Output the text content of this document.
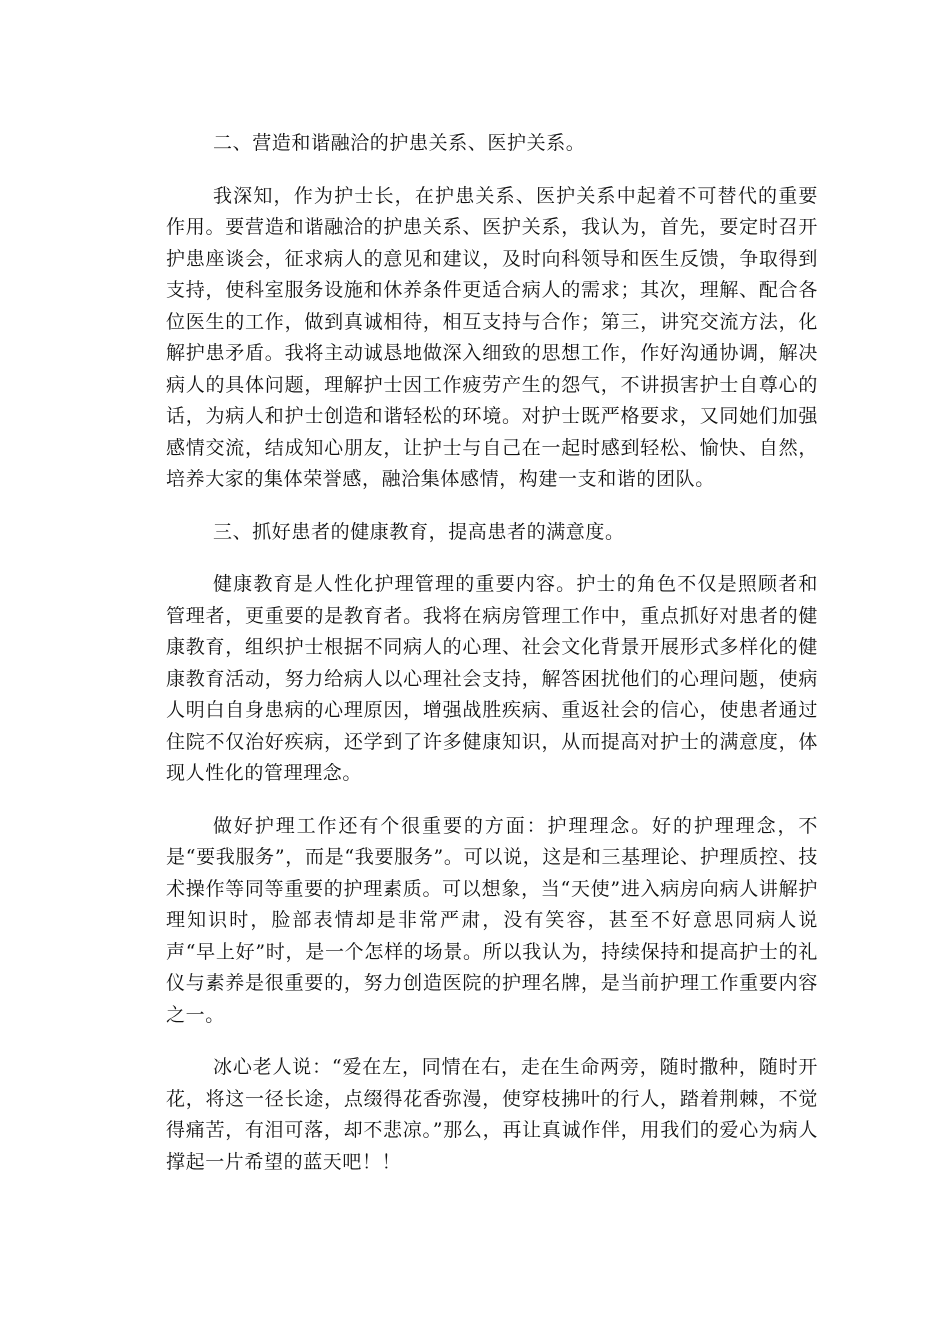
二、营造和谐融洽的护患关系、医护关系。

我深知，作为护士长，在护患关系、医护关系中起着不可替代的重要作用。要营造和谐融洽的护患关系、医护关系，我认为，首先，要定时召开护患座谈会，征求病人的意见和建议，及时向科领导和医生反馈，争取得到支持，使科室服务设施和休养条件更适合病人的需求；其次，理解、配合各位医生的工作，做到真诚相待，相互支持与合作；第三，讲究交流方法，化解护患矛盾。我将主动诚恳地做深入细致的思想工作，作好沟通协调，解决病人的具体问题，理解护士因工作疲劳产生的怨气，不讲损害护士自尊心的话，为病人和护士创造和谐轻松的环境。对护士既严格要求，又同她们加强感情交流，结成知心朋友，让护士与自己在一起时感到轻松、愉快、自然，培养大家的集体荣誉感，融洽集体感情，构建一支和谐的团队。

三、抓好患者的健康教育，提高患者的满意度。

健康教育是人性化护理管理的重要内容。护士的角色不仅是照顾者和管理者，更重要的是教育者。我将在病房管理工作中，重点抓好对患者的健康教育，组织护士根据不同病人的心理、社会文化背景开展形式多样化的健康教育活动，努力给病人以心理社会支持，解答困扰他们的心理问题，使病人明白自身患病的心理原因，增强战胜疾病、重返社会的信心，使患者通过住院不仅治好疾病，还学到了许多健康知识，从而提高对护士的满意度，体现人性化的管理理念。

做好护理工作还有个很重要的方面：护理理念。好的护理理念，不是“要我服务”，而是“我要服务”。可以说，这是和三基理论、护理质控、技术操作等同等重要的护理素质。可以想象，当“天使”进入病房向病人讲解护理知识时，脸部表情却是非常严肃，没有笑容，甚至不好意思同病人说声“早上好”时，是一个怎样的场景。所以我认为，持续保持和提高护士的礼仪与素养是很重要的，努力创造医院的护理名牌，是当前护理工作重要内容之一。

冰心老人说：“爱在左，同情在右，走在生命两旁，随时撒种，随时开花，将这一径长途，点缀得花香弥漫，使穿枝拂叶的行人，踏着荆棘，不觉得痛苦，有泪可落，却不悲凉。”那么，再让真诚作伴，用我们的爱心为病人撑起一片希望的蓝天吧！！
